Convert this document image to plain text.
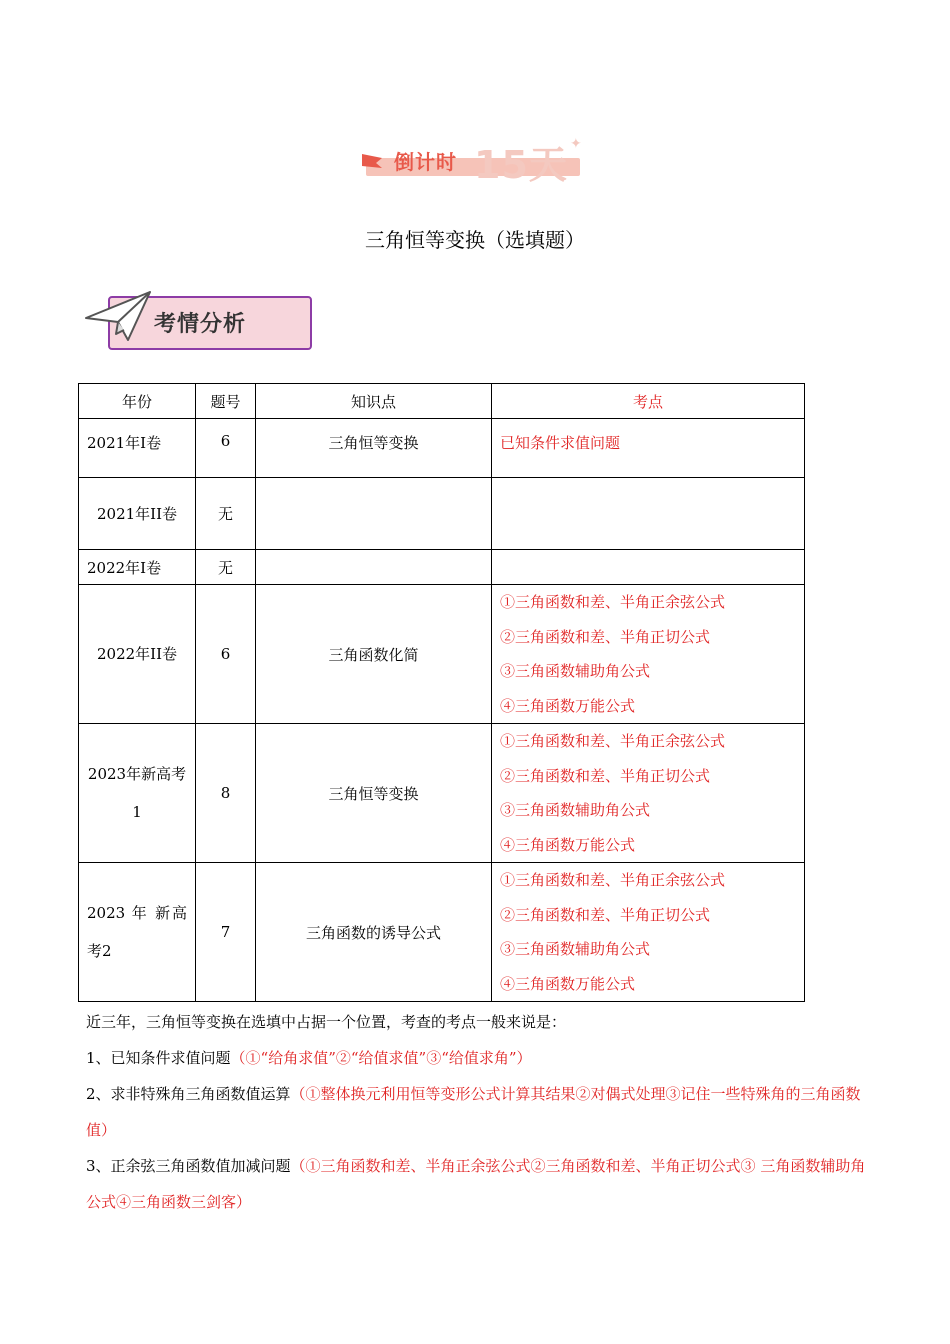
倒计时 15天 ✦
三角恒等变换（选填题）
考情分析
年份	题号	知识点	考点
2021年I卷	6	三角恒等变换	已知条件求值问题

2021年II卷	无		
2022年I卷	无		
2022年II卷	6	三角函数化简	①三角函数和差、半角正余弦公式
②三角函数和差、半角正切公式
③三角函数辅助角公式
④三角函数万能公式

2023年新高考1	8	三角恒等变换	①三角函数和差、半角正余弦公式
②三角函数和差、半角正切公式
③三角函数辅助角公式
④三角函数万能公式

2023 年 新高考2	7	三角函数的诱导公式	①三角函数和差、半角正余弦公式
②三角函数和差、半角正切公式
③三角函数辅助角公式
④三角函数万能公式

近三年，三角恒等变换在选填中占据一个位置，考查的考点一般来说是：

1、已知条件求值问题（①“给角求值”②“给值求值”③“给值求角”）

2、求非特殊角三角函数值运算（①整体换元利用恒等变形公式计算其结果②对偶式处理③记住一些特殊角的三角函数值）

3、正余弦三角函数值加减问题（①三角函数和差、半角正余弦公式②三角函数和差、半角正切公式③ 三角函数辅助角公式④三角函数三剑客）
